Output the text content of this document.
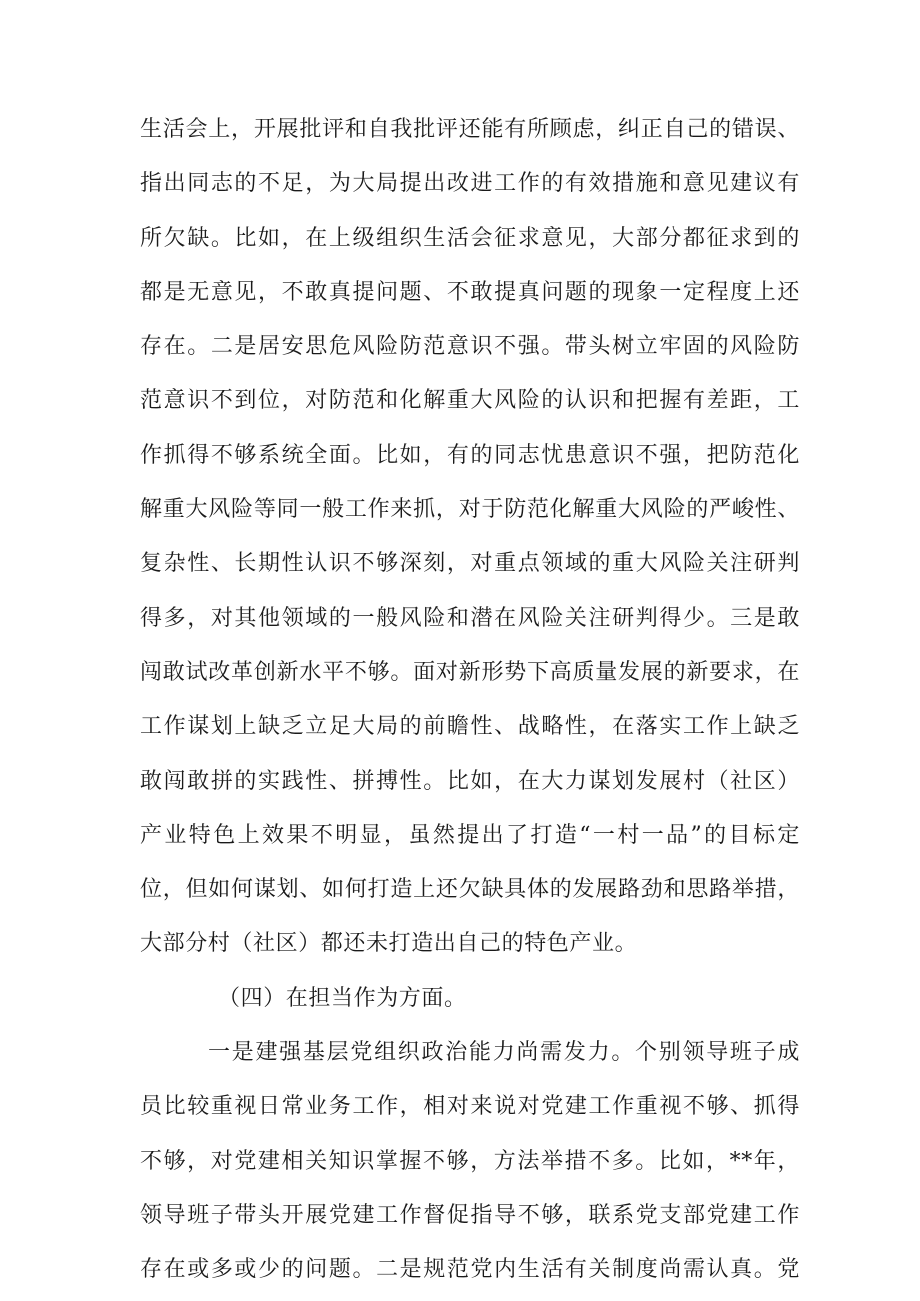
生活会上，开展批评和自我批评还能有所顾虑，纠正自己的错误、
指出同志的不足，为大局提出改进工作的有效措施和意见建议有
所欠缺。比如，在上级组织生活会征求意见，大部分都征求到的
都是无意见，不敢真提问题、不敢提真问题的现象一定程度上还
存在。二是居安思危风险防范意识不强。带头树立牢固的风险防
范意识不到位，对防范和化解重大风险的认识和把握有差距，工
作抓得不够系统全面。比如，有的同志忧患意识不强，把防范化
解重大风险等同一般工作来抓，对于防范化解重大风险的严峻性、
复杂性、长期性认识不够深刻，对重点领域的重大风险关注研判
得多，对其他领域的一般风险和潜在风险关注研判得少。三是敢
闯敢试改革创新水平不够。面对新形势下高质量发展的新要求，在
工作谋划上缺乏立足大局的前瞻性、战略性，在落实工作上缺乏
敢闯敢拼的实践性、拼搏性。比如，在大力谋划发展村（社区）
产业特色上效果不明显，虽然提出了打造“一村一品”的目标定
位，但如何谋划、如何打造上还欠缺具体的发展路劲和思路举措，
大部分村（社区）都还未打造出自己的特色产业。
（四）在担当作为方面。
一是建强基层党组织政治能力尚需发力。个别领导班子成
员比较重视日常业务工作，相对来说对党建工作重视不够、抓得
不够，对党建相关知识掌握不够，方法举措不多。比如，**年，
领导班子带头开展党建工作督促指导不够，联系党支部党建工作
存在或多或少的问题。二是规范党内生活有关制度尚需认真。党
